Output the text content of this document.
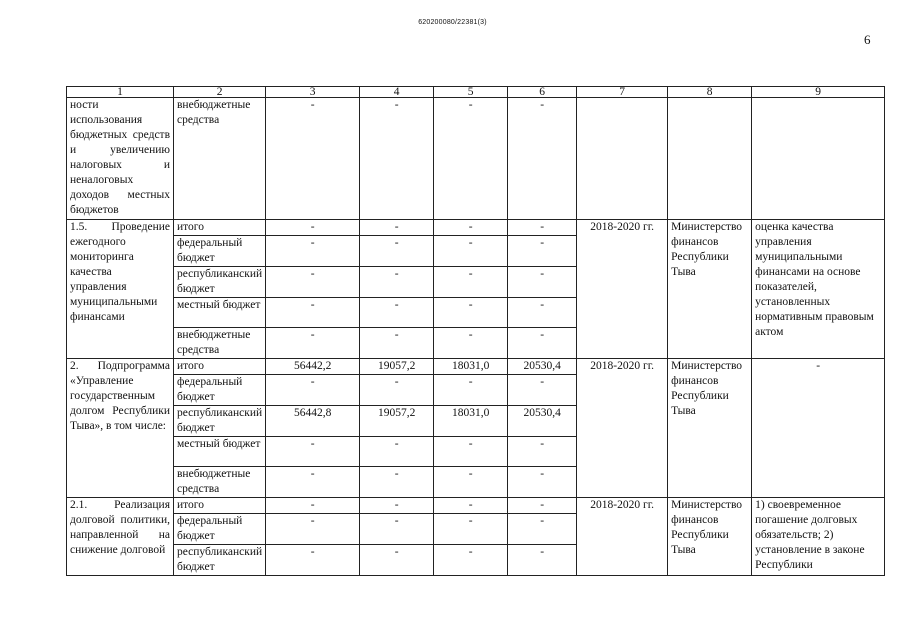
620200080/22381(3)
6
1	2	3	4	5	6	7	8	9
ности использования бюджетных средств и увеличению налоговых и неналоговых доходов местных бюджетов	внебюджетные средства	-	-	-	-			
1.5. Проведение ежегодного мониторинга качества управления муниципальными финансами	итого	-	-	-	-	2018-2020 гг.	Министерство финансов Республики Тыва	оценка качества управления муниципальными финансами на основе показателей, установленных нормативным правовым актом
	федеральный бюджет	-	-	-	-			
	республиканский бюджет	-	-	-	-			
	местный бюджет	-	-	-	-			
	внебюджетные средства	-	-	-	-			
2. Подпрограмма «Управление государственным долгом Республики Тыва», в том числе:	итого	56442,2	19057,2	18031,0	20530,4	2018-2020 гг.	Министерство финансов Республики Тыва	-
	федеральный бюджет	-	-	-	-			
	республиканский бюджет	56442,8	19057,2	18031,0	20530,4			
	местный бюджет	-	-	-	-			
	внебюджетные средства	-	-	-	-			
2.1. Реализация долговой политики, направленной на снижение долговой	итого	-	-	-	-	2018-2020 гг.	Министерство финансов Республики Тыва	1) своевременное погашение долговых обязательств; 2) установление в законе Республики
	федеральный бюджет	-	-	-	-			
	республиканский бюджет	-	-	-	-			
